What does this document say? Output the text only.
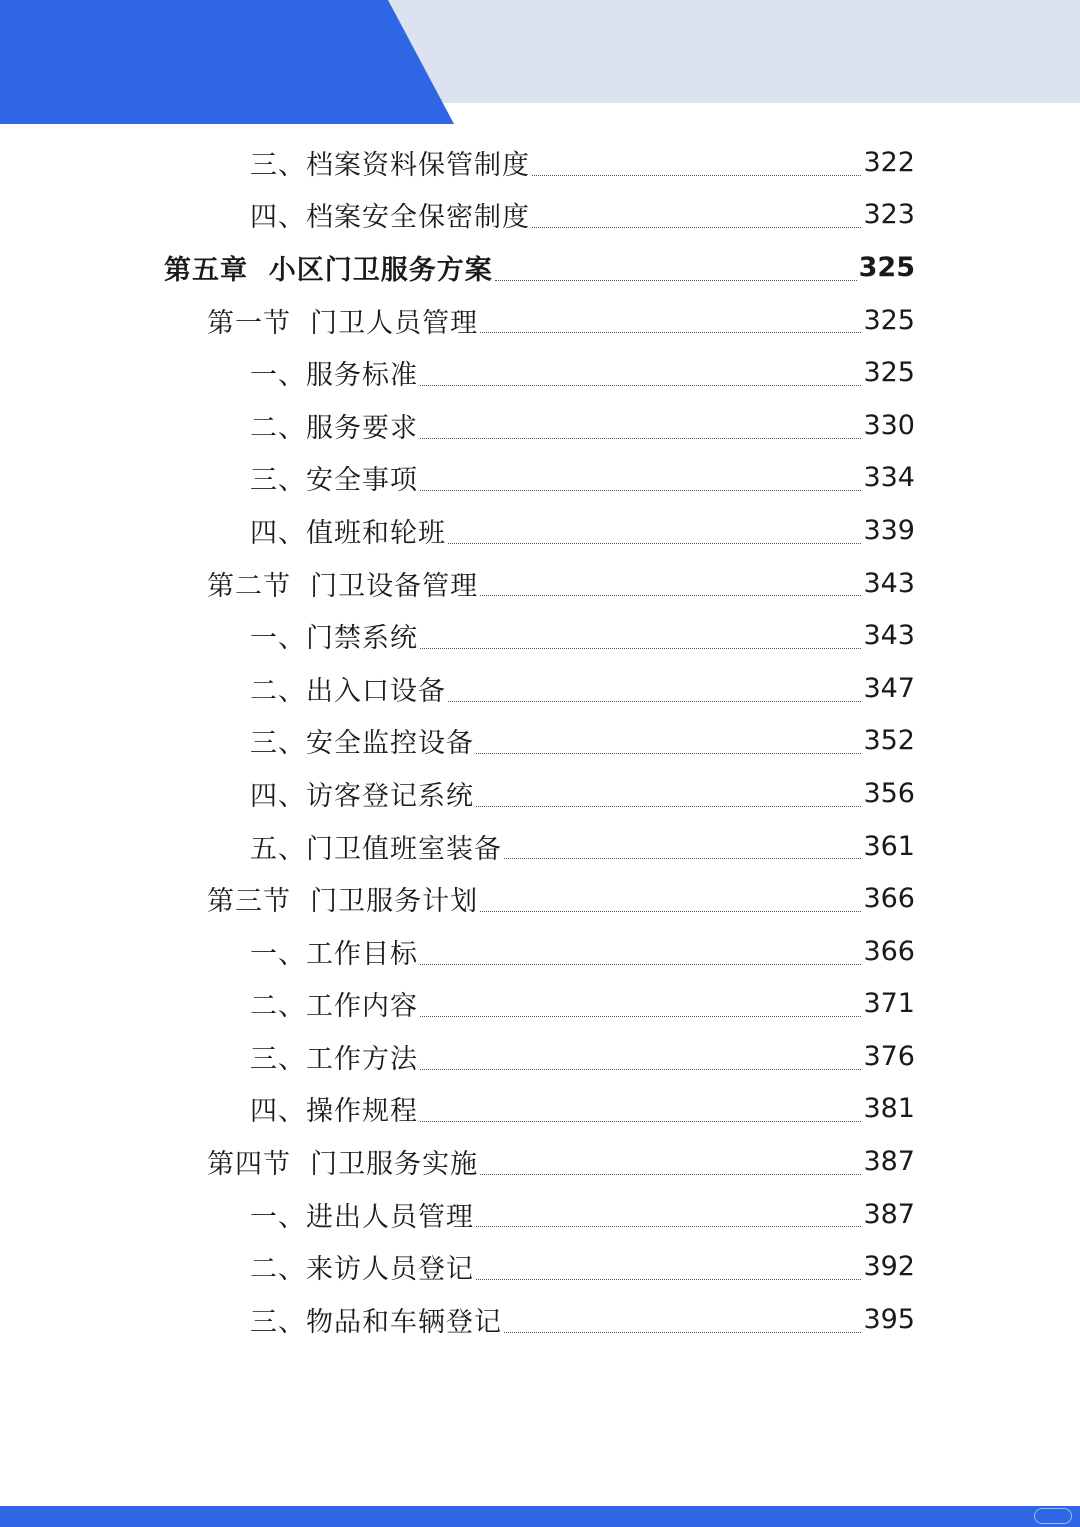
三、档案资料保管制度	322
四、档案安全保密制度	323
第五章  小区门卫服务方案	325
第一节  门卫人员管理	325
一、服务标准	325
二、服务要求	330
三、安全事项	334
四、值班和轮班	339
第二节  门卫设备管理	343
一、门禁系统	343
二、出入口设备	347
三、安全监控设备	352
四、访客登记系统	356
五、门卫值班室装备	361
第三节  门卫服务计划	366
一、工作目标	366
二、工作内容	371
三、工作方法	376
四、操作规程	381
第四节  门卫服务实施	387
一、进出人员管理	387
二、来访人员登记	392
三、物品和车辆登记	395
